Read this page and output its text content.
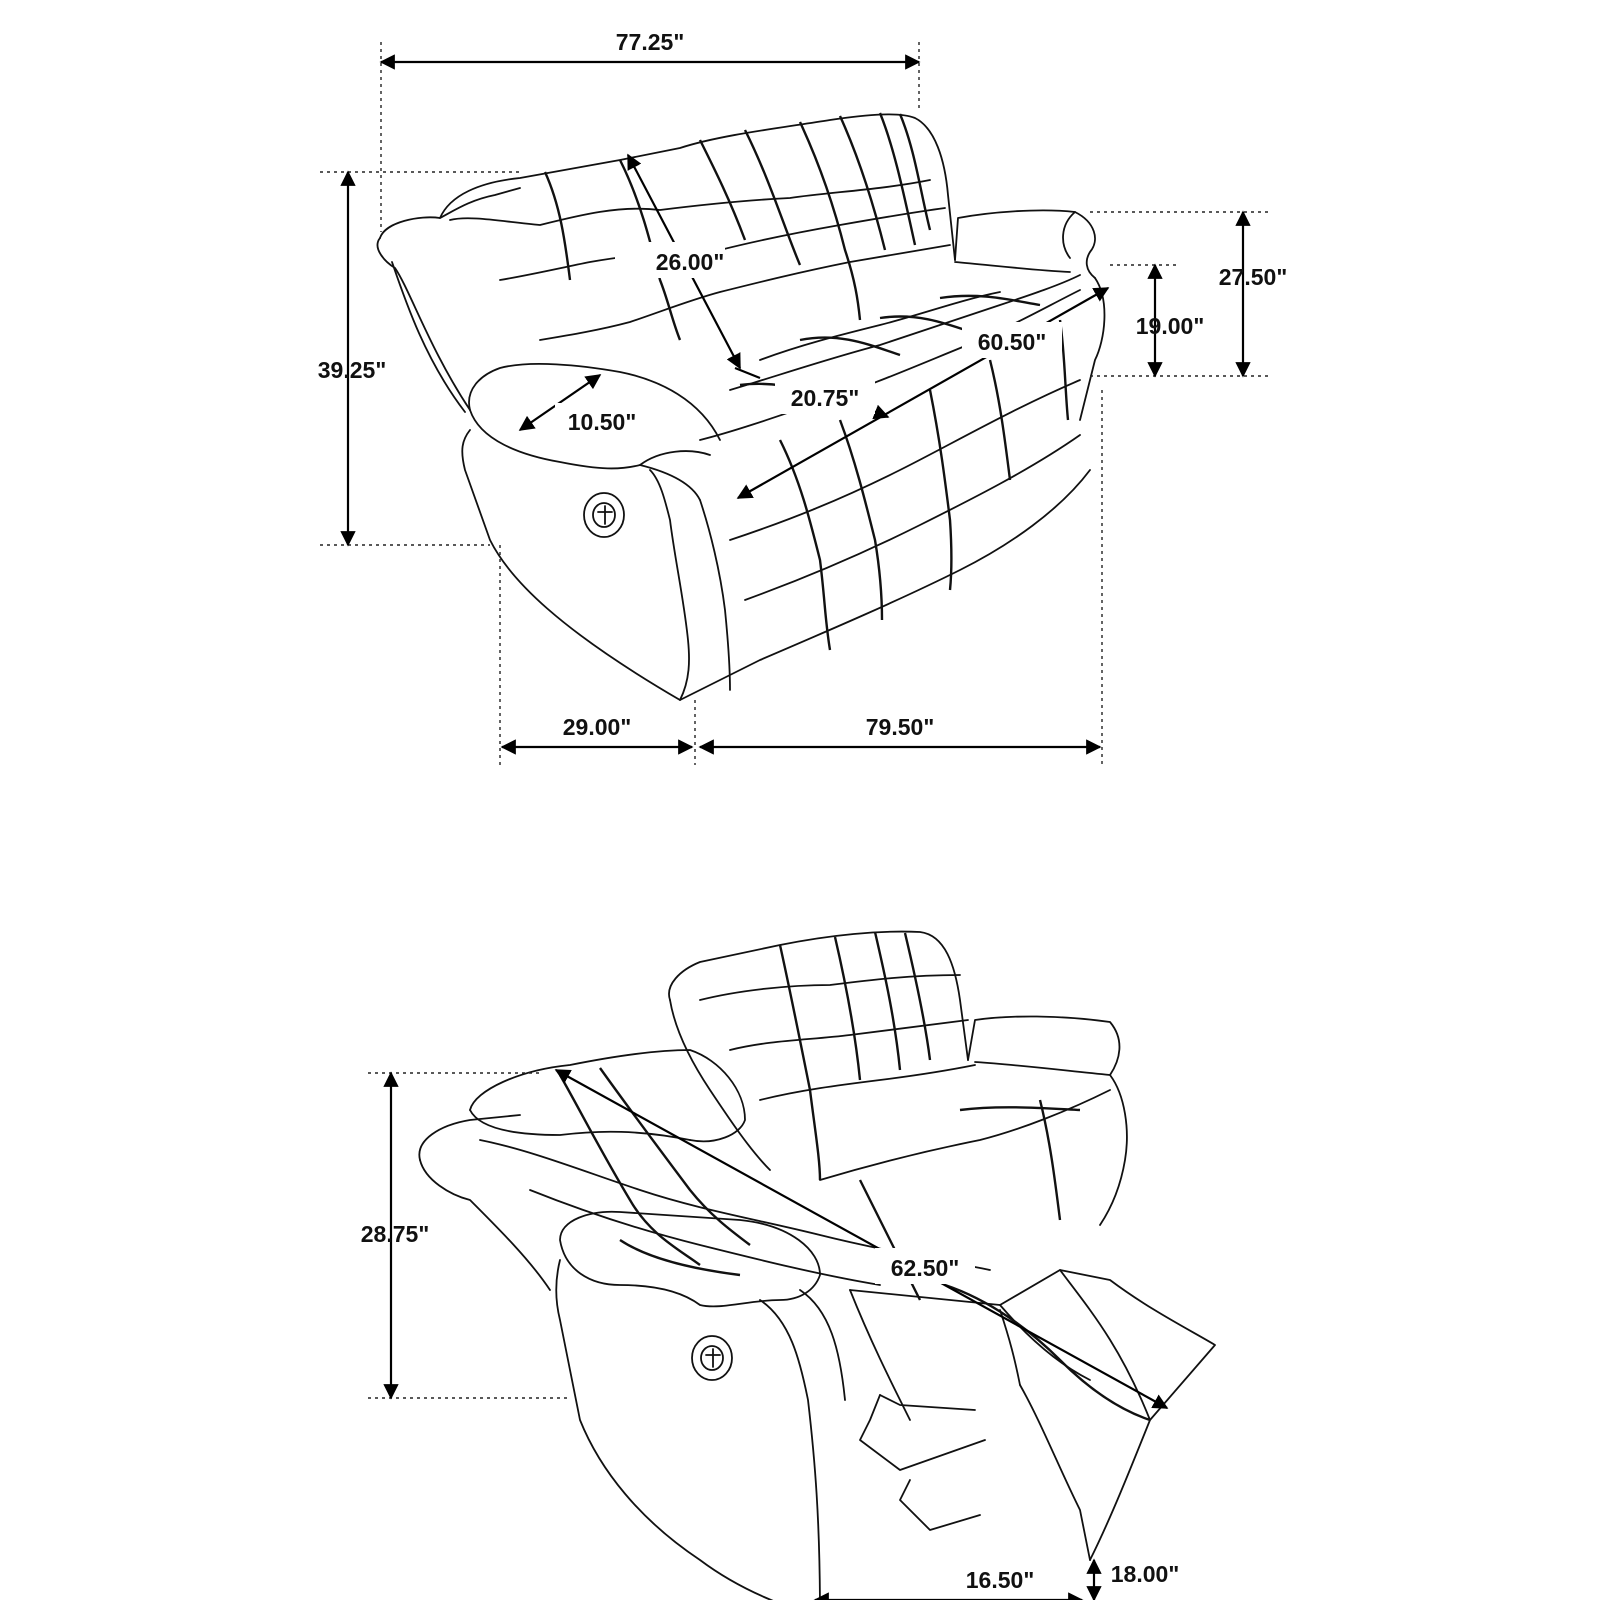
77.25"
39.25"
27.50"
19.00"
26.00"
60.50"
20.75"
10.50"
29.00"	79.50"
28.75"
62.50"
16.50"	18.00"
